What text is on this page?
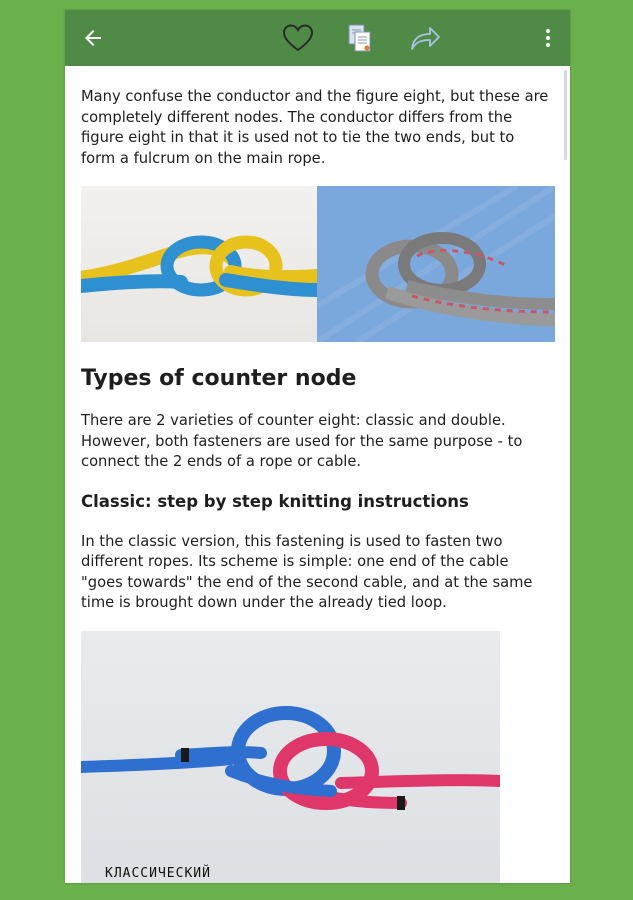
Many confuse the conductor and the figure eight, but these are completely different nodes. The conductor differs from the figure eight in that it is used not to tie the two ends, but to form a fulcrum on the main rope.

Types of counter node

There are 2 varieties of counter eight: classic and double. However, both fasteners are used for the same purpose - to connect the 2 ends of a rope or cable.

Classic: step by step knitting instructions

In the classic version, this fastening is used to fasten two different ropes. Its scheme is simple: one end of the cable "goes towards" the end of the second cable, and at the same time is brought down under the already tied loop.

КЛАССИЧЕСКИЙ
